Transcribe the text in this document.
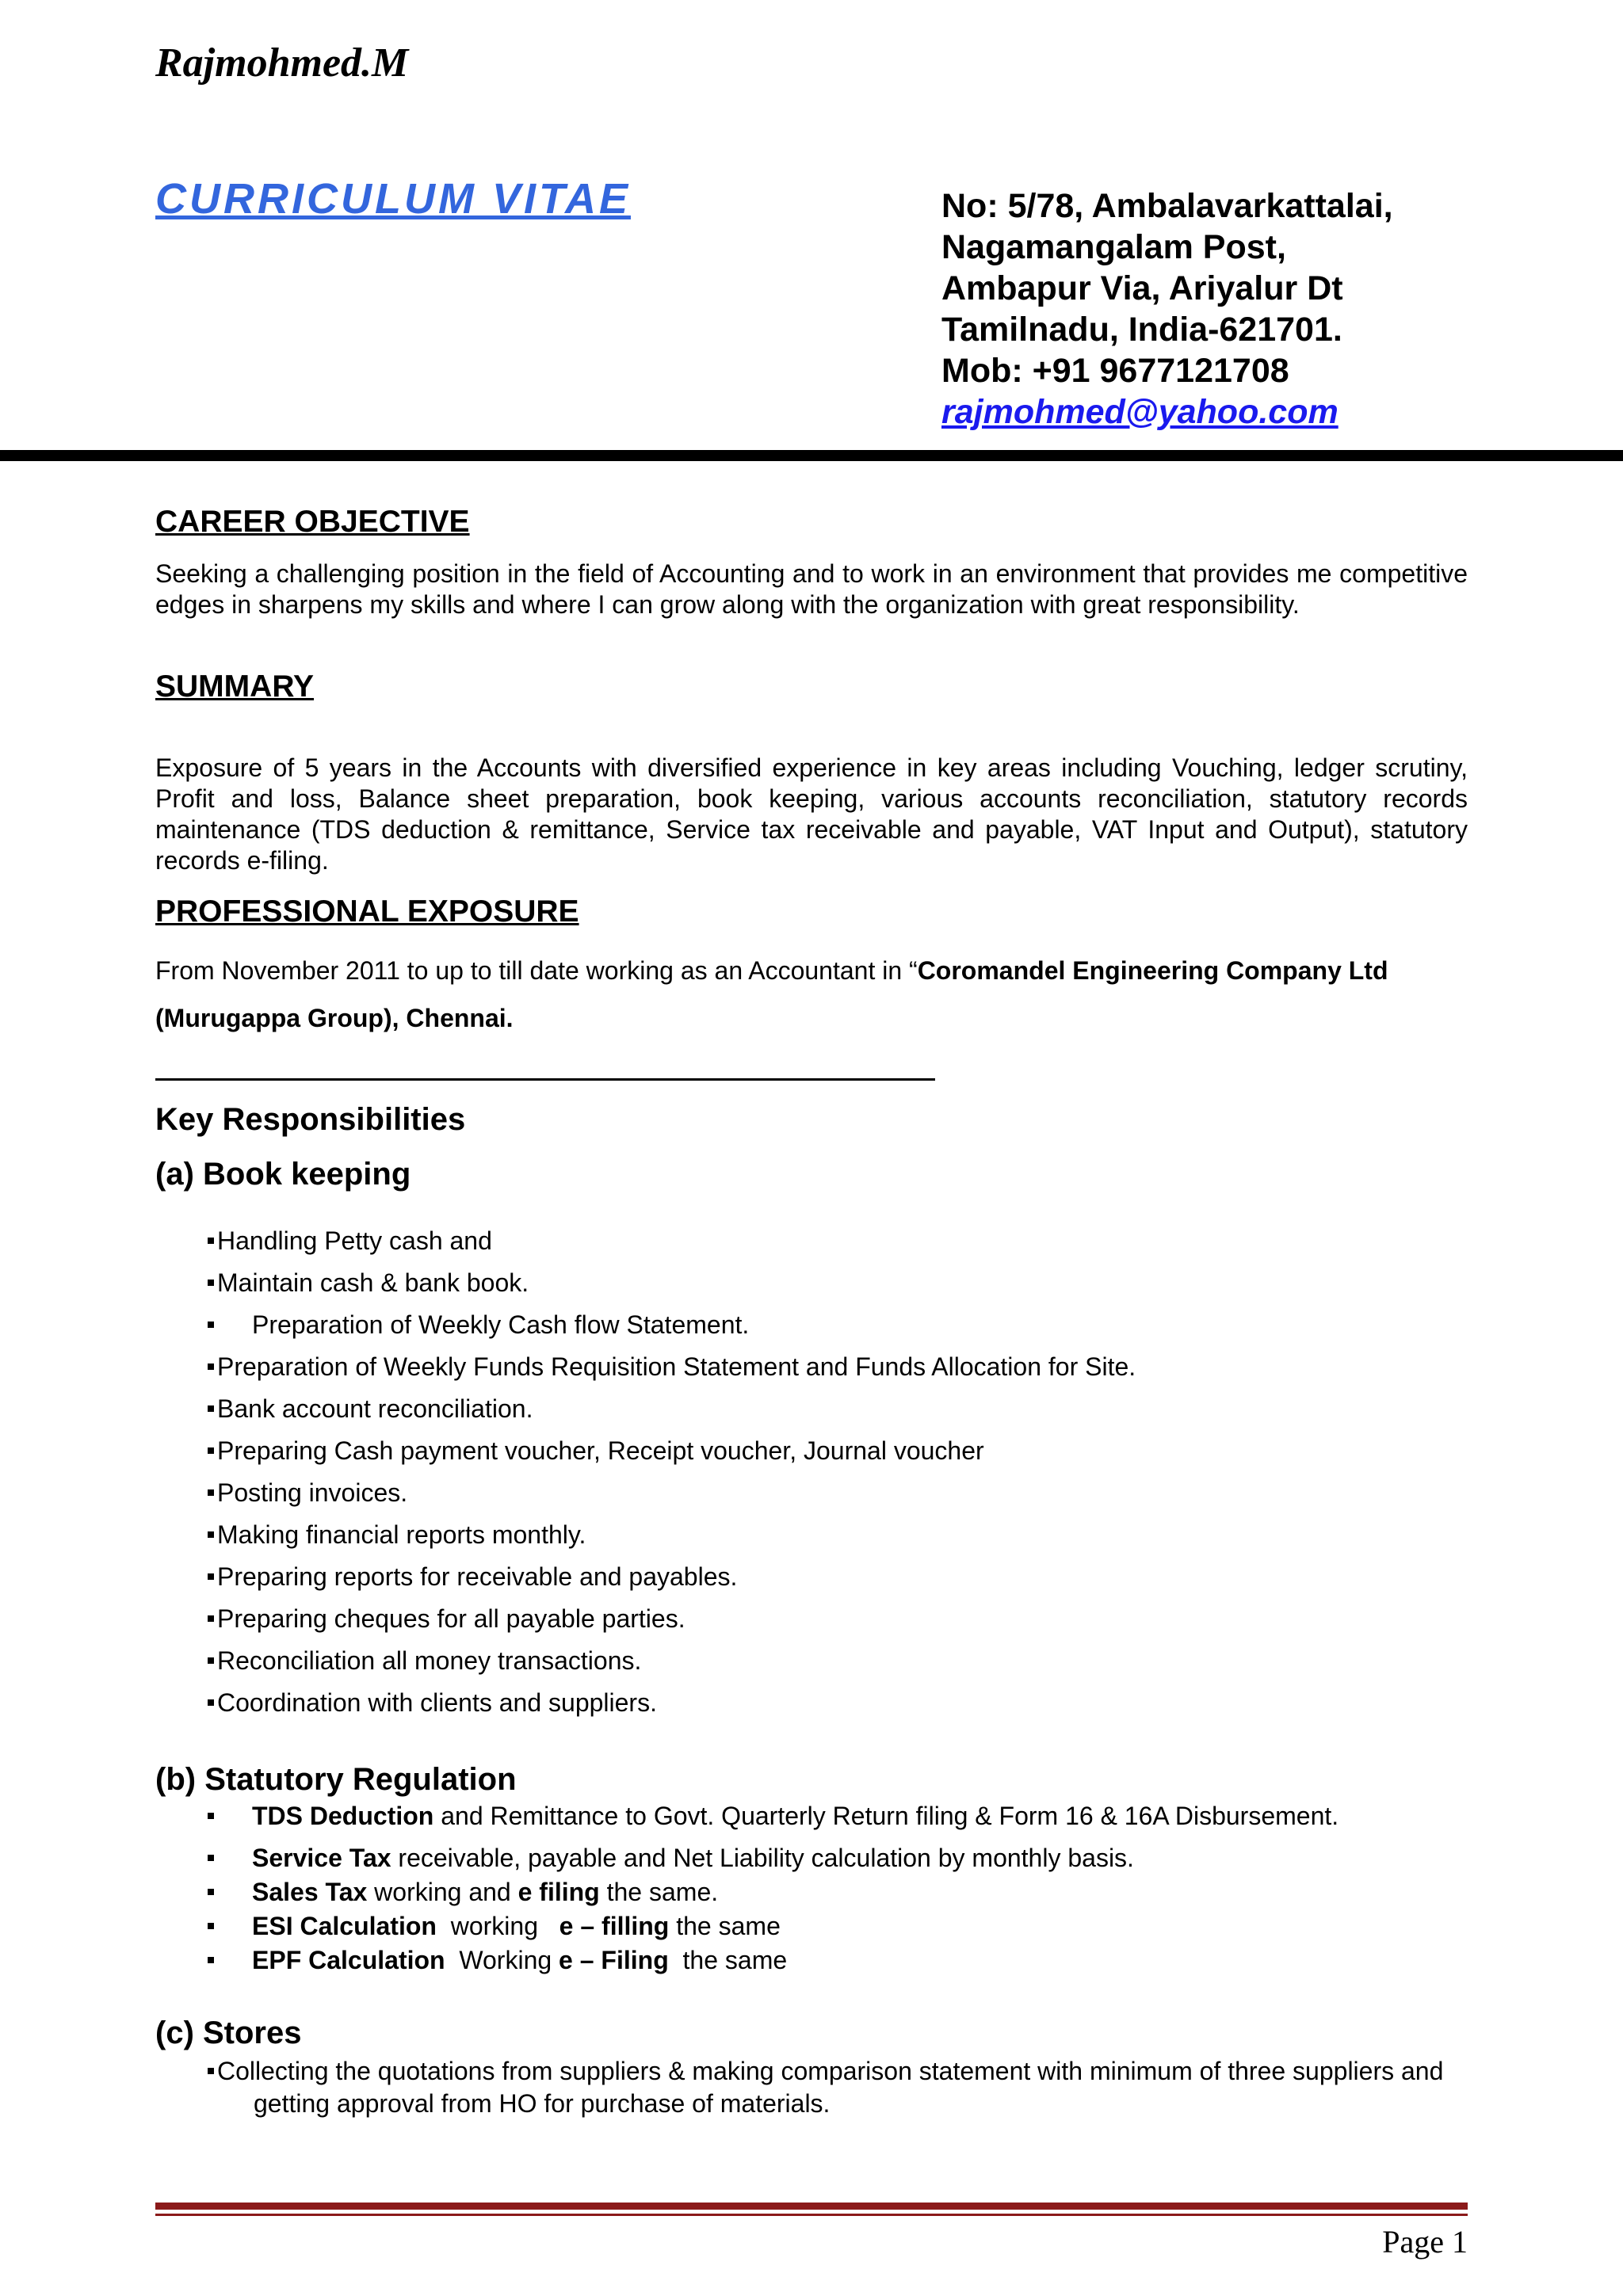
Rajmohmed.M
CURRICULUM VITAE	No: 5/78, Ambalavarkattalai,
Nagamangalam Post,
Ambapur Via, Ariyalur Dt
Tamilnadu, India-621701.
Mob: +91 9677121708
rajmohmed@yahoo.com
CAREER OBJECTIVE
Seeking a challenging position in the field of Accounting and to work in an environment that provides me competitive edges in sharpens my skills and where I can grow along with the organization with great responsibility.
SUMMARY
Exposure of 5 years in the Accounts with diversified experience in key areas including Vouching, ledger scrutiny, Profit and loss, Balance sheet preparation, book keeping, various accounts reconciliation, statutory records maintenance (TDS deduction & remittance, Service tax receivable and payable, VAT Input and Output), statutory records e-filing.
PROFESSIONAL EXPOSURE
From November 2011 to up to till date working as an Accountant in “Coromandel Engineering Company Ltd (Murugappa Group), Chennai.
Key Responsibilities
(a) Book keeping
Handling Petty cash and
Maintain cash & bank book.
Preparation of Weekly Cash flow Statement.
Preparation of Weekly Funds Requisition Statement and Funds Allocation for Site.
Bank account reconciliation.
Preparing Cash payment voucher, Receipt voucher, Journal voucher
Posting invoices.
Making financial reports monthly.
Preparing reports for receivable and payables.
Preparing cheques for all payable parties.
Reconciliation all money transactions.
Coordination with clients and suppliers.
(b) Statutory Regulation
TDS Deduction and Remittance to Govt. Quarterly Return filing & Form 16 & 16A Disbursement.
Service Tax receivable, payable and Net Liability calculation by monthly basis.
Sales Tax working and e filing the same.
ESI Calculation  working   e – filling the same
EPF Calculation  Working e – Filing  the same
(c) Stores
Collecting the quotations from suppliers & making comparison statement with minimum of three suppliers and getting approval from HO for purchase of materials.
Page 1
